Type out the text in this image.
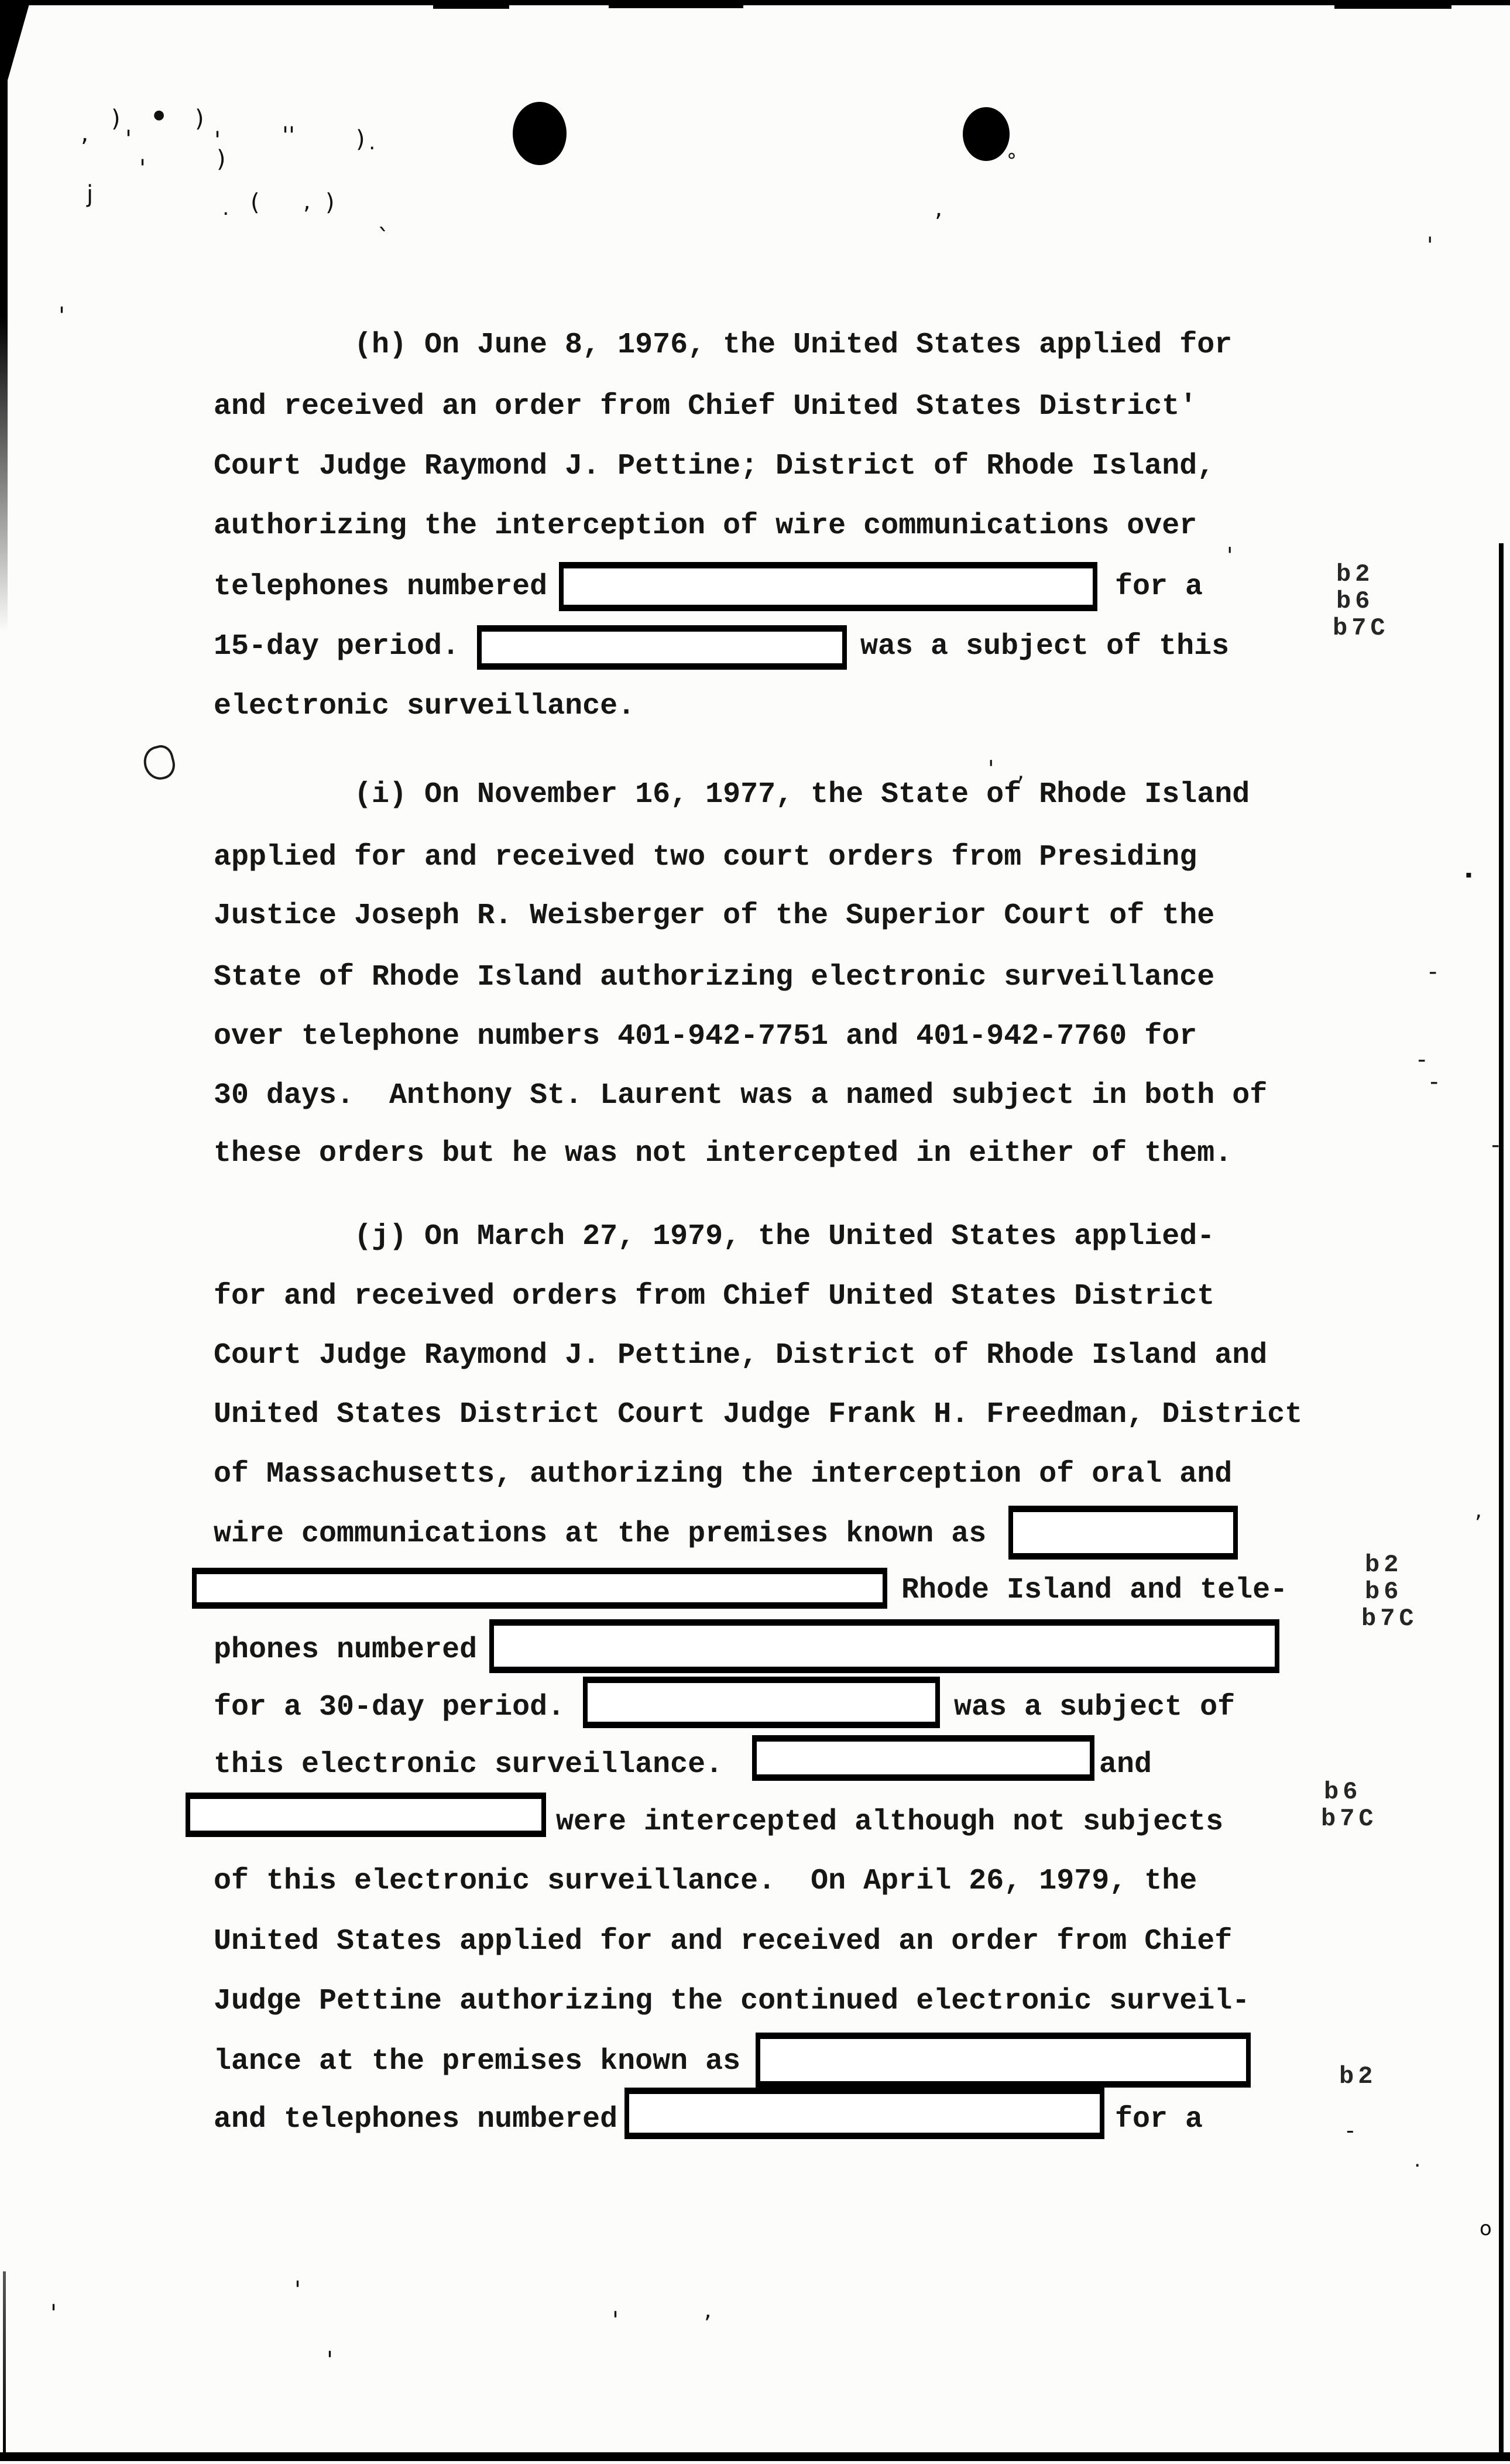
(h) On June 8, 1976, the United States applied for
and received an order from Chief United States District'
Court Judge Raymond J. Pettine; District of Rhode Island,
authorizing the interception of wire communications over
telephones numbered	for a
15-day period.	was a subject of this
electronic surveillance.
(i) On November 16, 1977, the State of Rhode Island
applied for and received two court orders from Presiding
Justice Joseph R. Weisberger of the Superior Court of the
State of Rhode Island authorizing electronic surveillance
over telephone numbers 401-942-7751 and 401-942-7760 for
30 days.  Anthony St. Laurent was a named subject in both of
these orders but he was not intercepted in either of them.
(j) On March 27, 1979, the United States applied-
for and received orders from Chief United States District
Court Judge Raymond J. Pettine, District of Rhode Island and
United States District Court Judge Frank H. Freedman, District
of Massachusetts, authorizing the interception of oral and
wire communications at the premises known as
Rhode Island and tele-
phones numbered
for a 30-day period.	was a subject of
this electronic surveillance.	and
were intercepted although not subjects
of this electronic surveillance.  On April 26, 1979, the
United States applied for and received an order from Chief
Judge Pettine authorizing the continued electronic surveil-
lance at the premises known as
and telephones numbered	for a
b2
b6
b7C
b2
b6
b7C
b6
b7C
b2
)	● )
, '	'
)
''	) .
j
'
(
.	, )
'
,
°
`
'
'
' ,
▪
-
-
-
-
,
-
.
o
'
'	,
'
'
